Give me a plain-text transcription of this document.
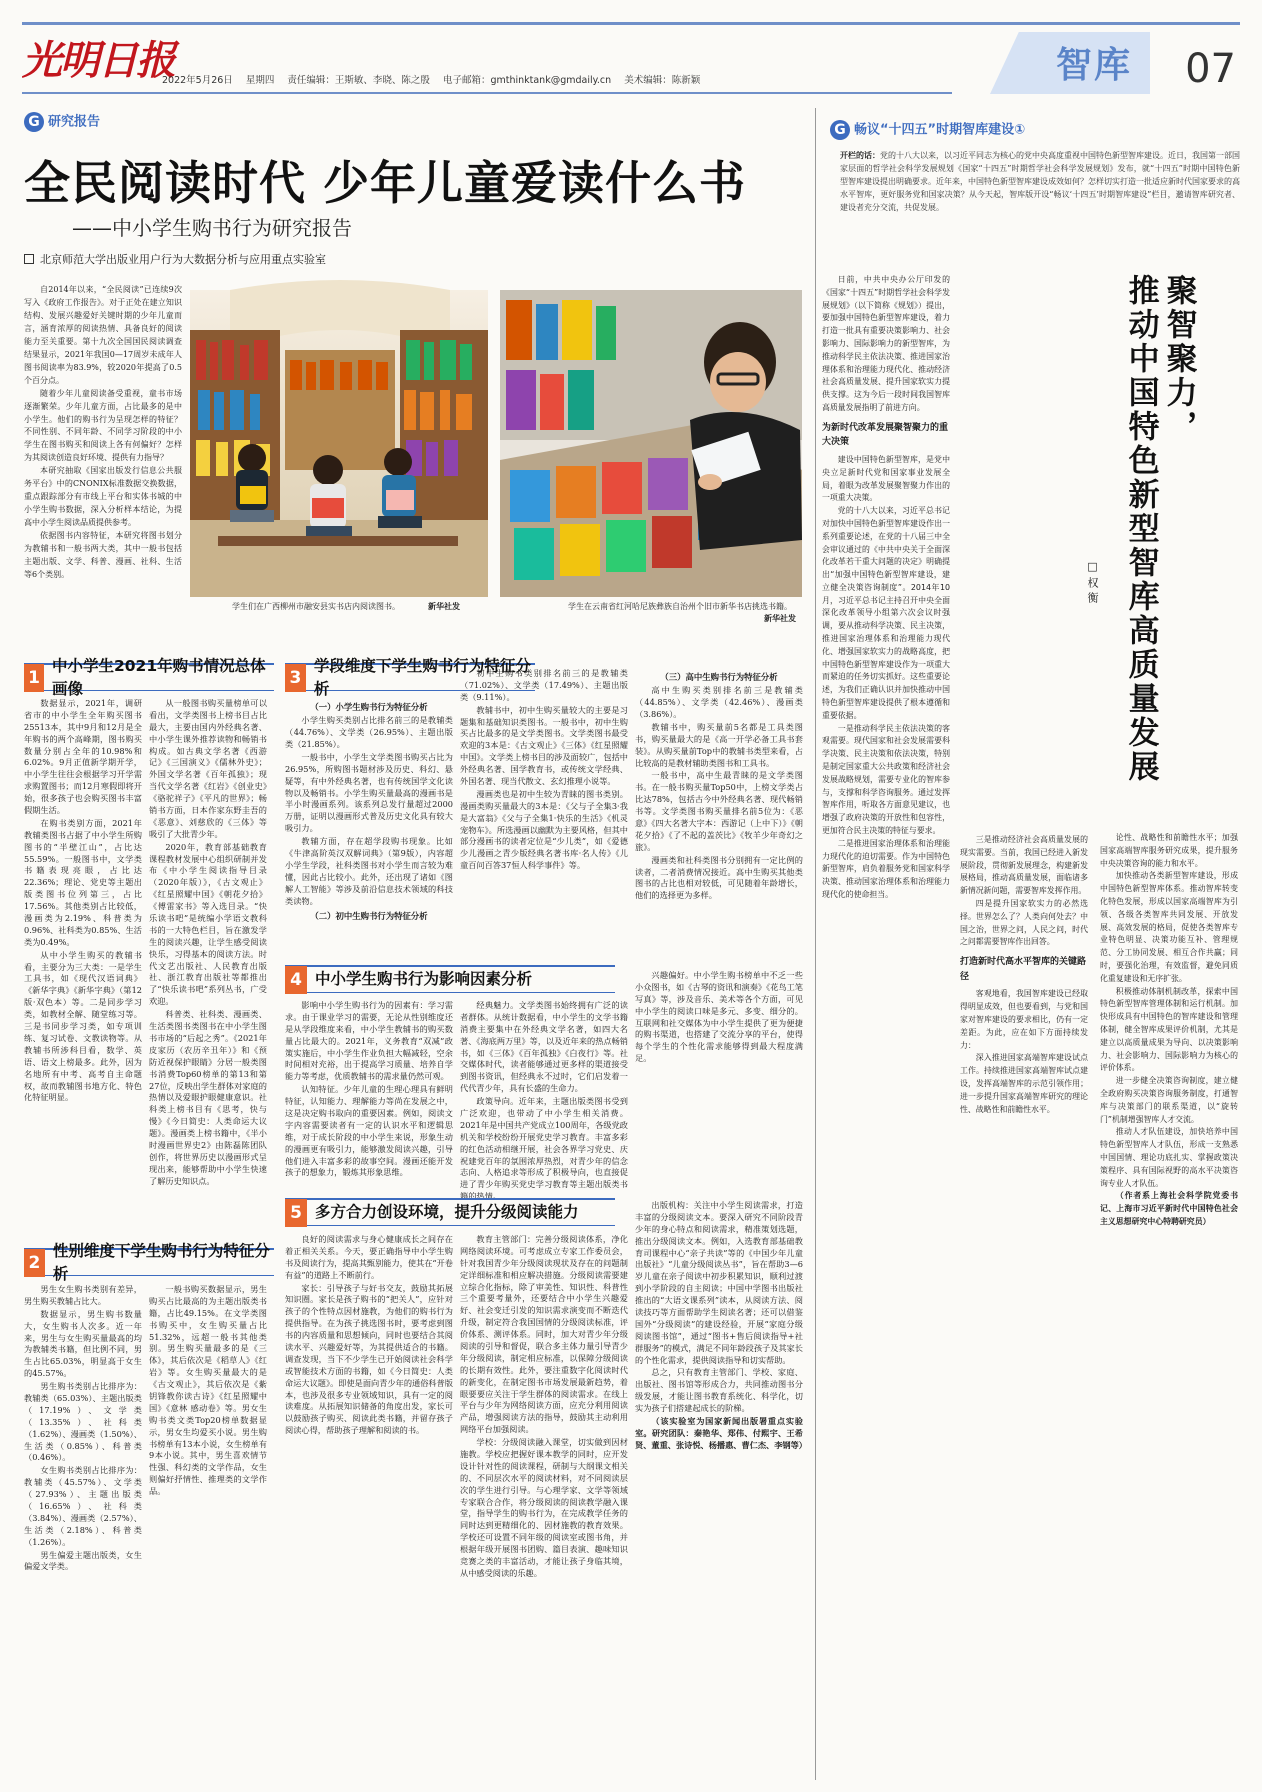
光明日报
2022年5月26日 星期四 责任编辑：王斯敏、李晓、陈之殷 电子邮箱：gmthinktank@gmdaily.cn 美术编辑：陈新颖	智库 07
G 研究报告
全民阅读时代 少年儿童爱读什么书
——中小学生购书行为研究报告
北京师范大学出版业用户行为大数据分析与应用重点实验室

自2014年以来，“全民阅读”已连续9次写入《政府工作报告》。对于正处在建立知识结构、发展兴趣爱好关键时期的少年儿童而言，涵育浓厚的阅读热情、具备良好的阅读能力至关重要。第十九次全国国民阅读调查结果显示，2021年我国0—17周岁未成年人图书阅读率为83.9%，较2020年提高了0.5个百分点。

随着少年儿童阅读备受重视，童书市场逐渐繁荣。少年儿童方面，占比最多的是中小学生。他们的购书行为呈现怎样的特征？不同性别、不同年龄、不同学习阶段的中小学生在图书购买和阅读上各有何偏好？怎样为其阅读创造良好环境、提供有力指导？

本研究抽取《国家出版发行信息公共服务平台》中的CNONIX标准数据交换数据，重点跟踪部分有市线上平台和实体书城的中小学生购书数据，深入分析样本结论，为提高中小学生阅读品质提供参考。

依据图书内容特征，本研究将图书划分为教辅书和一般书两大类，其中一般书包括主题出版、文学、科普、漫画、社科、生活等6个类别。

学生们在广西柳州市融安县实书店内阅读图书。	新华社发	学生在云南省红河哈尼族彝族自治州个旧市新华书店挑选书籍。
新华社发
1
中小学生2021年购书情况总体画像

数据显示，2021年，调研省市的中小学生全年购买图书25513本，其中9月和12月是全年购书的两个高峰期，图书购买数量分别占全年的10.98%和6.02%。9月正值新学期开学，中小学生往往会根据学习开学需求购置图书；而12月寒假即将开始，很多孩子也会购买图书丰富假期生活。

在购书类别方面，2021年教辅类图书占据了中小学生所购图书的“半壁江山”，占比达55.59%。一般图书中，文学类书籍表现亮眼，占比达22.36%；理论、党史等主题出版类图书位列第三，占比17.56%。其他类别占比较低，漫画类为2.19%、科普类为0.96%、社科类为0.85%、生活类为0.49%。

从中小学生购买的教辅书看，主要分为三大类：一是学生工具书，如《现代汉语词典》《新华字典》《新华字典》（第12版·双色本）等。二是同步学习类，如教材全解、随堂练习等。三是书同步学习类，如专项训练、复习试卷、文教读物等。从教辅书所涉科目看，数学、英语、语文上榜最多。此外，因为名地所有中考、高考自主命题权，故而教辅图书地方化、特色化特征明显。

从一般图书购买量榜单可以看出，文学类图书上榜书目占比最大，主要由国内外经典名著、中小学生课外推荐读物和畅销书构成。如古典文学名著《西游记》《三国演义》《儒林外史》；外国文学名著《百年孤独》；现当代文学名著《红岩》《创业史》《骆驼祥子》《平凡的世界》；畅销书方面，日本作家东野圭吾的《恶意》、刘慈欣的《三体》等吸引了大批青少年。

2020年，教育部基础教育课程教材发展中心组织研制并发布《中小学生阅读指导目录（2020年版）》，《古文观止》《红星照耀中国》《朝花夕拾》《傅雷家书》等入选目录。“快乐读书吧”是统编小学语文教科书的一大特色栏目，旨在激发学生的阅读兴趣，让学生感受阅读快乐，习得基本的阅读方法。时代文艺出版社、人民教育出版社、浙江教育出版社等都推出了“快乐读书吧”系列丛书，广受欢迎。

科普类、社科类、漫画类、生活类图书类图书在中小学生图书市场的“后起之秀”。《2021年皮家历（农历辛丑年）》和《预防近视保护眼睛》分居一般类图书消费Top60榜单的第13和第27位，反映出学生群体对家庭的热情以及爱眼护眼健康意识。社科类上榜书目有《思考，快与慢》《今日简史：人类命运大议题》。漫画类上榜书籍中，《半小时漫画世界史2》由陈磊陈团队创作，将世界历史以漫画形式呈现出来，能够帮助中小学生快速了解历史知识点。

2
性别维度下学生购书行为特征分析

男生女生购书类别有差异，男生购买教辅占比大。

数据显示，男生购书数量大，女生购书人次多。近一年来，男生与女生购买量最高的均为教辅类书籍，但比例不同，男生占比65.03%，明显高于女生的45.57%。

男生购书类别占比排序为：教辅类（65.03%）、主题出版类（17.19%）、文学类（13.35%）、社科类（1.62%）、漫画类（1.50%）、生活类（0.85%）、科普类（0.46%）。

女生购书类别占比排序为：教辅类（45.57%）、文学类（27.93%）、主题出版类（16.65%）、社科类（3.84%）、漫画类（2.57%）、生活类（2.18%）、科普类（1.26%）。

男生偏爱主题出版类，女生偏爱文学类。

一般书购买数据显示，男生购买占比最高的为主题出版类书籍，占比49.15%。在文学类图书购买中，女生购买量占比51.32%，远超一般书其他类别。男生购买量最多的是《三体》，其后依次是《稻草人》《红岩》等。女生购买量最大的是《古文观止》，其后依次是《紫钥锋教你读古诗》《红星照耀中国》《意林 感动卷》等。男女生购书类文类Top20榜单数据显示，男女生均爱买小说。男生购书榜单有13本小说，女生榜单有9本小说。其中，男生喜欢情节性强、科幻类的文学作品，女生则偏好抒情性、推理类的文学作品。

3
学段维度下学生购书行为特征分析
（一）小学生购书行为特征分析

小学生购买类别占比排名前三的是教辅类（44.76%）、文学类（26.95%）、主题出版类（21.85%）。

一般书中，小学生文学类图书购买占比为26.95%，所购图书题材涉及历史、科幻、悬疑等，有中外经典名著，也有传统国学文化读物以及畅销书。小学生购买量最高的漫画书是半小时漫画系列。该系列总发行量超过2000万册，证明以漫画形式普及历史文化具有较大吸引力。

教辅方面，存在超学段购书现象。比如《牛津高阶英汉双解词典》（第9版），内容超小学生学段，社科类图书对小学生而言较为难懂，因此占比较小。此外，还出现了诸如《图解人工智能》等涉及前沿信息技术领域的科技类读物。

（二）初中生购书行为特征分析

初中生购书类别排名前三的是教辅类（71.02%）、文学类（17.49%）、主题出版类（9.11%）。

教辅书中，初中生购买量较大的主要是习题集和基础知识类图书。一般书中，初中生购买占比最多的是文学类图书。文学类图书最受欢迎的3本是：《古文观止》《三体》《红星照耀中国》。文学类上榜书目的涉及面较广，包括中外经典名著、国学教育书，或传统文学经典、外国名著、现当代散文、玄幻推理小说等。

漫画类也是初中生较为青睐的图书类别。漫画类购买量最大的3本是：《父与子全集3·我是大富翁》《父与子全集1·快乐的生活》《机灵宠物车》。所选漫画以幽默为主要风格，但其中部分漫画书的读者定位是“少儿类”，如《爱德少儿漫画之青少版经典名著书库·名人传》《儿童百问百答37恒人科学事件》等。

（三）高中生购书行为特征分析

高中生购买类别排名前三是教辅类（44.85%）、文学类（42.46%）、漫画类（3.86%）。

教辅书中，购买量前5名都是工具类图书，购买量最大的是《高一开学必备工具书套装》。从购买量前Top中的教辅书类型来看，占比较高的是教材辅助类图书和工具书。

一般书中，高中生最青睐的是文学类图书。在一般书购买量Top50中，上榜文学类占比达78%，包括古今中外经典名著、现代畅销书等。文学类图书购买量排名前5位为：《恶意》《四大名著大字本：西游记（上中下）》《朝花夕拾》《了不起的盖茨比》《牧羊少年奇幻之旅》。

漫画类和社科类图书分别拥有一定比例的读者，二者消费情况接近。高中生购买其他类图书的占比也相对较低，可见随着年龄增长，他们的选择更为多样。

4 中小学生购书行为影响因素分析

影响中小学生购书行为的因素有：学习需求。由于课业学习的需要，无论从性别维度还是从学段维度来看，中小学生教辅书的购买数量占比最大的。2021年，义务教育“双减”政策实施后，中小学生作业负担大幅减轻，空余时间相对充裕，出于提高学习质量、培养自学能力等考虑，优质教辅书的需求量仍然可观。

认知特征。少年儿童的生理心理具有鲜明特征，认知能力、理解能力等尚在发展之中，这是决定购书取向的重要因素。例如，阅读文字内容需要读者有一定的认识水平和逻辑思维，对于成长阶段的中小学生来说，形象生动的漫画更有吸引力，能够激发阅读兴趣，引导他们进入丰富多彩的故事空间。漫画还能开发孩子的想象力，锻炼其形象思维。

经典魅力。文学类图书始终拥有广泛的读者群体。从统计数据看，中小学生的文学书籍消费主要集中在外经典文学名著，如四大名著、《海底两万里》等，以及近年来的热点畅销书，如《三体》《百年孤独》《白夜行》等。社交媒体时代，读者能够通过更多样的渠道接受到图书资讯，但经典永不过时，它们启发着一代代青少年，具有长盛的生命力。

政策导向。近年来，主题出版类图书受到广泛欢迎，也带动了中小学生相关消费。2021年是中国共产党成立100周年，各级党政机关和学校纷纷开展党史学习教育。丰富多彩的红色活动相继开展，社会各界学习党史、庆祝建党百年的氛围浓厚热烈，对青少年的信念志向、人格追求等形成了积极导向，也直接促进了青少年购买党史学习教育等主题出版类书籍的热情。

兴趣偏好。中小学生购书榜单中不乏一些小众图书，如《古琴的资讯和演奏》《花鸟工笔写真》等，涉及音乐、美术等各个方面，可见中小学生的阅读口味是多元、多变、细分的。互联网和社交媒体为中小学生提供了更为便捷的购书渠道，也搭建了交流分享的平台，使得每个学生的个性化需求能够得到最大程度满足。

5 多方合力创设环境，提升分级阅读能力

良好的阅读需求与身心健康成长之间存在着正相关关系。今天，要正确指导中小学生购书及阅读行为，提高其甄别能力，使其在“开卷有益”的道路上不断前行。

家长：引导孩子与好书交友，鼓励其拓展知识圈。家长是孩子购书的“把关人”，应针对孩子的个性特点因材施教，为他们的购书行为提供指导。在为孩子挑选图书时，要考虑到图书的内容质量和思想倾向，同时也要结合其阅读水平、兴趣爱好等，为其提供适合的书籍。调查发现，当下不少学生已开始阅读社会科学或智能技术方面的书籍，如《今日简史：人类命运大议题》。即使是面向青少年的通俗科普版本，也涉及很多专业领域知识，具有一定的阅读难度。从拓展知识储备的角度出发，家长可以鼓励孩子购买、阅读此类书籍，并留存孩子阅读心得，帮助孩子理解和阅读的书。

教育主管部门：完善分级阅读体系，净化网络阅读环境。可考虑成立专家工作委员会，针对我国青少年分级阅读现状及存在的问题制定详细标准和相应解决措施。分级阅读需要建立综合化指标，除了审美性、知识性、科普性三个重要考量外，还要结合中小学生兴趣爱好、社会变迁引发的知识需求演变而不断迭代升级，制定符合我国国情的分级阅读标准，评价体系、测评体系。同时，加大对青少年分级阅读的引导和督促，联合多主体力量引导青少年分级阅读，制定相应标准，以保障分级阅读的长期有效性。此外，要注重数字化阅读时代的新变化，在制定图书市场发展最新趋势，着眼要要应关注于学生群体的阅读需求。在线上平台与少年为网络阅读方面，应充分利用阅读产品，增强阅读方法的指导，鼓励其主动利用网络平台加强阅读。

学校：分级阅读融入课堂，切实做到因材施教。学校应把握好课本教学的同时，应开发设计针对性的阅读课程，研制与大纲课文相关的、不同层次水平的阅读材料，对不同阅读层次的学生进行引导。与心理学家、文学等领域专家联合合作，将分级阅读的阅读教学融入课堂，指导学生的购书行为，在完成教学任务的同时达到更精细化的、因材施教的教育效果。学校还可设置不同年级的阅读室或图书角，并根据年级开展图书团购、篇目表演、趣味知识竞赛之类的丰富活动，才能让孩子身临其境，从中感受阅读的乐趣。

出版机构：关注中小学生阅读需求，打造丰富的分级阅读文本。要深入研究不同阶段青少年的身心特点和阅读需求，精准策划选题，推出分级阅读文本。例如，入选教育部基础教育司课程中心“亲子共读”等的《中国少年儿童出版社》“儿童分级阅读丛书”，旨在帮助3—6岁儿童在亲子阅读中初步积累知识，顺利过渡到小学阶段的自主阅读；中国中学图书出版社推出的“大语文课系列”读本，从阅读方法、阅读技巧等方面帮助学生阅读名著；还可以借鉴国外“分级阅读”的建设经验，开展“家庭分级阅读图书馆”，通过“图书+售后阅读指导+社群服务”的模式，满足不同年龄段孩子及其家长的个性化需求，提供阅读指导和切实帮助。

总之，只有教育主管部门、学校、家庭、出版社、图书馆等形成合力，共同推动图书分级发展，才能让图书教育系统化、科学化，切实为孩子们搭建起成长的阶梯。

（该实验室为国家新闻出版署重点实验室。研究团队：秦艳华、郑伟、付熙宇、王希贤、董重、张诗悦、杨播惠、曹仁杰、李钢等）

G 畅议“十四五”时期智库建设①
开栏的话：党的十八大以来，以习近平同志为核心的党中央高度重视中国特色新型智库建设。近日，我国第一部国家层面的哲学社会科学发展规划《国家“十四五”时期哲学社会科学发展规划》发布，就“十四五”时期中国特色新型智库建设提出明确要求。近年来，中国特色新型智库建设成效如何？怎样切实打造一批适应新时代国家要求的高水平智库，更好服务党和国家决策？从今天起，智库版开设“畅议‘十四五’时期智库建设”栏目，邀请智库研究者、建设者充分交流，共促发展。
聚智聚力，
推动中国特色新型智库高质量发展
□权衡

日前，中共中央办公厅印发的《国家“十四五”时期哲学社会科学发展规划》（以下简称《规划》）提出，要加强中国特色新型智库建设，着力打造一批具有重要决策影响力、社会影响力、国际影响力的新型智库，为推动科学民主依法决策、推进国家治理体系和治理能力现代化、推动经济社会高质量发展、提升国家软实力提供支撑。这为今后一段时间我国智库高质量发展指明了前进方向。

为新时代改革发展聚智聚力的重大决策

建设中国特色新型智库，是党中央立足新时代党和国家事业发展全局，着眼为改革发展聚智聚力作出的一项重大决策。

党的十八大以来，习近平总书记对加快中国特色新型智库建设作出一系列重要论述，在党的十八届三中全会审议通过的《中共中央关于全面深化改革若干重大问题的决定》明确提出“加强中国特色新型智库建设，建立健全决策咨询制度”。2014年10月，习近平总书记主持召开中央全面深化改革领导小组第六次会议时强调，要从推动科学决策、民主决策，推进国家治理体系和治理能力现代化、增强国家软实力的战略高度，把中国特色新型智库建设作为一项重大而紧迫的任务切实抓好。这些重要论述，为我们正确认识并加快推动中国特色新型智库建设提供了根本遵循和重要依据。

一是推动科学民主依法决策的客观需要。现代国家和社会发展需要科学决策、民主决策和依法决策，特别是制定国家重大公共政策和经济社会发展战略规划，需要专业化的智库参与，支撑和科学咨询服务。通过发挥智库作用，听取各方面意见建议，也增强了政府决策的开放性和包容性，更加符合民主决策的特征与要求。

二是推进国家治理体系和治理能力现代化的迫切需要。作为中国特色新型智库，肩负着服务党和国家科学决策、推动国家治理体系和治理能力现代化的使命担当。

三是推动经济社会高质量发展的现实需要。当前，我国已经进入新发展阶段，贯彻新发展理念，构建新发展格局，推动高质量发展，面临诸多新情况新问题，需要智库发挥作用。

四是提升国家软实力的必然选择。世界怎么了？人类向何处去？中国之治，世界之问，人民之问，时代之问都需要智库作出回答。

打造新时代高水平智库的关键路径

客观地看，我国智库建设已经取得明显成效，但也要看到，与党和国家对智库建设的要求相比，仍有一定差距。为此，应在如下方面持续发力：

深入推进国家高端智库建设试点工作。持续推进国家高端智库试点建设，发挥高端智库的示范引领作用；进一步提升国家高端智库研究的理论性、战略性和前瞻性水平。

论性、战略性和前瞻性水平；加强国家高端智库服务研究成果，提升服务中央决策咨询的能力和水平。

加快推动各类新型智库建设，形成中国特色新型智库体系。推动智库转变化特色发展，形成以国家高端智库为引领、各级各类智库共同发展、开放发展、高效发展的格局，促使各类智库专业特色明显、决策功能互补、管理规范、分工协同发展、相互合作共赢；同时，要强化治理，有效监督，避免同质化重复建设和无序扩张。

积极推动体制机制改革，探索中国特色新型智库管理体制和运行机制。加快形成具有中国特色的智库建设和管理体制，健全智库成果评价机制，尤其是建立以高质量成果为导向、以决策影响力、社会影响力、国际影响力为核心的评价体系。

进一步健全决策咨询制度，建立健全政府购买决策咨询服务制度，打通智库与决策部门的联系渠道，以“旋转门”机制增强智库人才交流。

推动人才队伍建设，加快培养中国特色新型智库人才队伍，形成一支熟悉中国国情、理论功底扎实、掌握政策决策程序、具有国际视野的高水平决策咨询专业人才队伍。

（作者系上海社会科学院党委书记、上海市习近平新时代中国特色社会主义思想研究中心特聘研究员）
